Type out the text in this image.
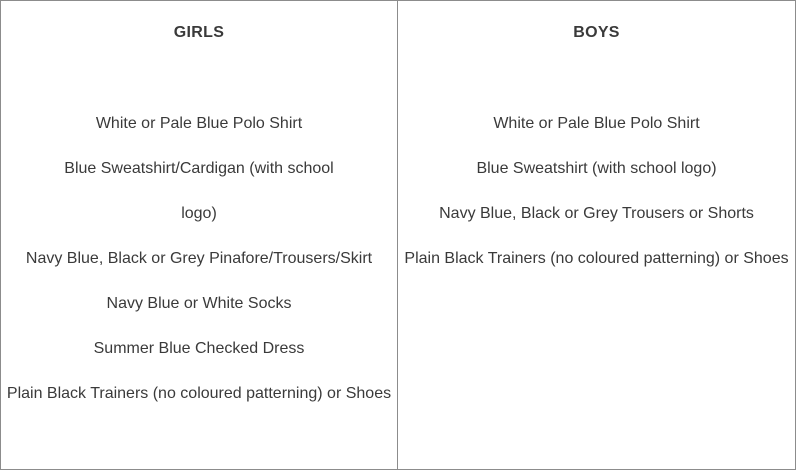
GIRLS
White or Pale Blue Polo Shirt
Blue Sweatshirt/Cardigan (with school
logo)
Navy Blue, Black or Grey Pinafore/Trousers/Skirt
Navy Blue or White Socks
Summer Blue Checked Dress
Plain Black Trainers (no coloured patterning) or Shoes
BOYS
White or Pale Blue Polo Shirt
Blue Sweatshirt (with school logo)
Navy Blue, Black or Grey Trousers or Shorts
Plain Black Trainers (no coloured patterning) or Shoes
